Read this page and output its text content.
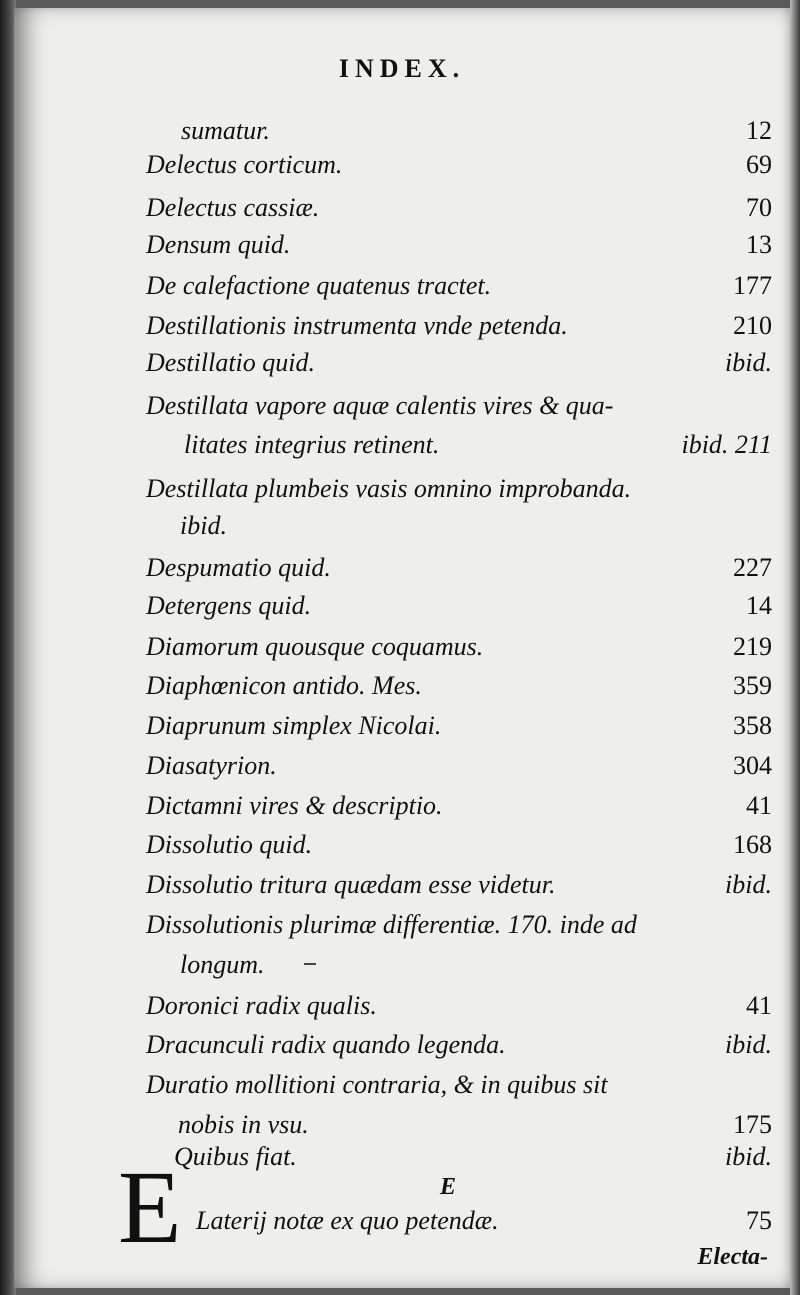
INDEX.
sumatur.	12
Delectus corticum.	69
Delectus cassiæ.	70
Densum quid.	13
De calefactione quatenus tractet.	177
Destillationis instrumenta vnde petenda.	210
Destillatio quid.	ibid.
Destillata vapore aquæ calentis vires & qua-
litates integrius retinent.	ibid. 211
Destillata plumbeis vasis omnino improbanda.
ibid.
Despumatio quid.	227
Detergens quid.	14
Diamorum quousque coquamus.	219
Diaphœnicon antido. Mes.	359
Diaprunum simplex Nicolai.	358
Diasatyrion.	304
Dictamni vires & descriptio.	41
Dissolutio quid.	168
Dissolutio tritura quædam esse videtur.	ibid.
Dissolutionis plurimæ differentiæ. 170. inde ad
longum.
Doronici radix qualis.	41
Dracunculi radix quando legenda.	ibid.
Duratio mollitioni contraria, & in quibus sit
nobis in vsu.	175
Quibus fiat.	ibid.
E
E Laterij notæ ex quo petendæ.	75
Electa-
